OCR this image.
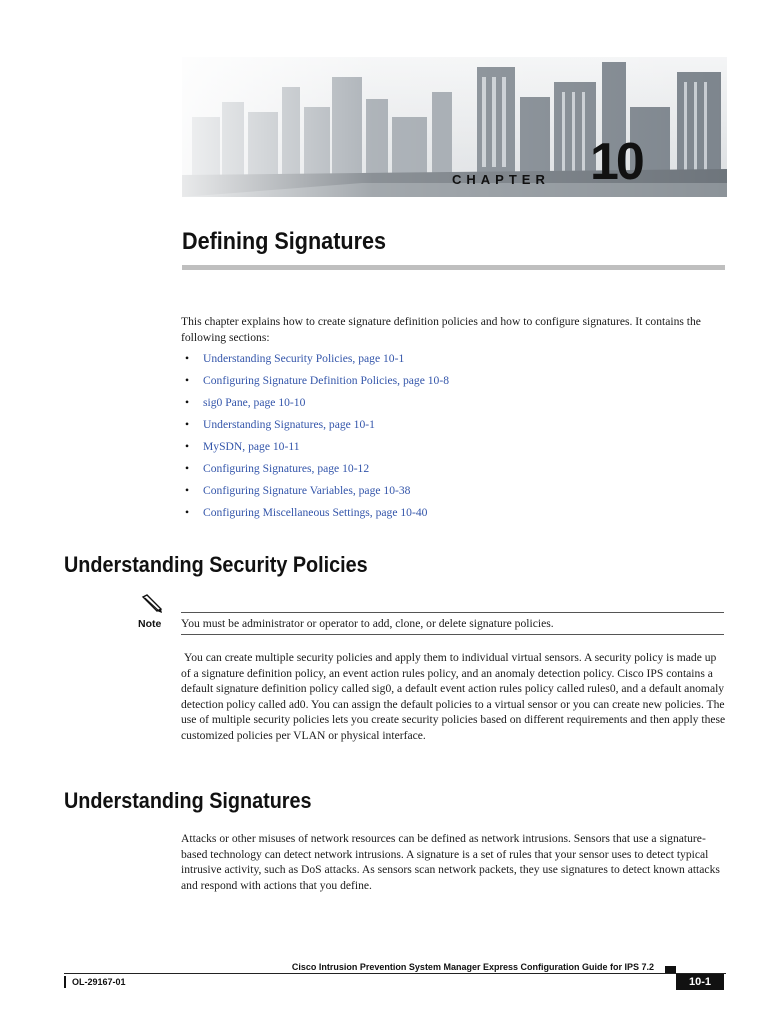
CHAPTER 10
Defining Signatures

This chapter explains how to create signature definition policies and how to configure signatures. It contains the following sections:

• Understanding Security Policies, page 10-1
• Configuring Signature Definition Policies, page 10-8
• sig0 Pane, page 10-10
• Understanding Signatures, page 10-1
• MySDN, page 10-11
• Configuring Signatures, page 10-12
• Configuring Signature Variables, page 10-38
• Configuring Miscellaneous Settings, page 10-40
Understanding Security Policies
Note You must be administrator or operator to add, clone, or delete signature policies.

You can create multiple security policies and apply them to individual virtual sensors. A security policy is made up of a signature definition policy, an event action rules policy, and an anomaly detection policy. Cisco IPS contains a default signature definition policy called sig0, a default event action rules policy called rules0, and a default anomaly detection policy called ad0. You can assign the default policies to a virtual sensor or you can create new policies. The use of multiple security policies lets you create security policies based on different requirements and then apply these customized policies per VLAN or physical interface.

Understanding Signatures

Attacks or other misuses of network resources can be defined as network intrusions. Sensors that use a signature-based technology can detect network intrusions. A signature is a set of rules that your sensor uses to detect typical intrusive activity, such as DoS attacks. As sensors scan network packets, they use signatures to detect known attacks and respond with actions that you define.

Cisco Intrusion Prevention System Manager Express Configuration Guide for IPS 7.2
OL-29167-01	10-1
